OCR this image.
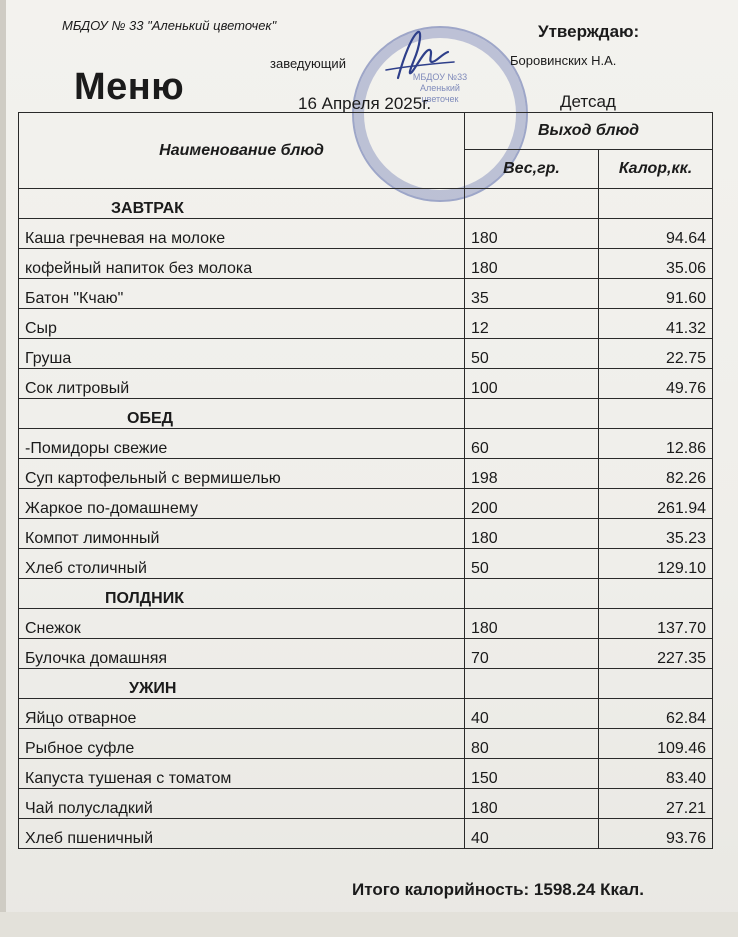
МБДОУ №33 Аленький цветочек
МБДОУ № 33 "Аленький цветочек"	Утверждаю:
заведующий	Боровинских Н.А.
Меню	16 Апреля 2025г.	Детсад
Наименование блюд	Выход блюд	
	Вес,гр.	Калор,кк.
ЗАВТРАК		
Каша гречневая на молоке	180	94.64
кофейный напиток без молока	180	35.06
Батон "Кчаю"	35	91.60
Сыр	12	41.32
Груша	50	22.75
Сок литровый	100	49.76
ОБЕД		
-Помидоры свежие	60	12.86
Суп картофельный с вермишелью	198	82.26
Жаркое по-домашнему	200	261.94
Компот лимонный	180	35.23
Хлеб столичный	50	129.10
ПОЛДНИК		
Снежок	180	137.70
Булочка домашняя	70	227.35
УЖИН		
Яйцо отварное	40	62.84
Рыбное суфле	80	109.46
Капуста тушеная с томатом	150	83.40
Чай полусладкий	180	27.21
Хлеб пшеничный	40	93.76
Итого калорийность: 1598.24 Ккал.
